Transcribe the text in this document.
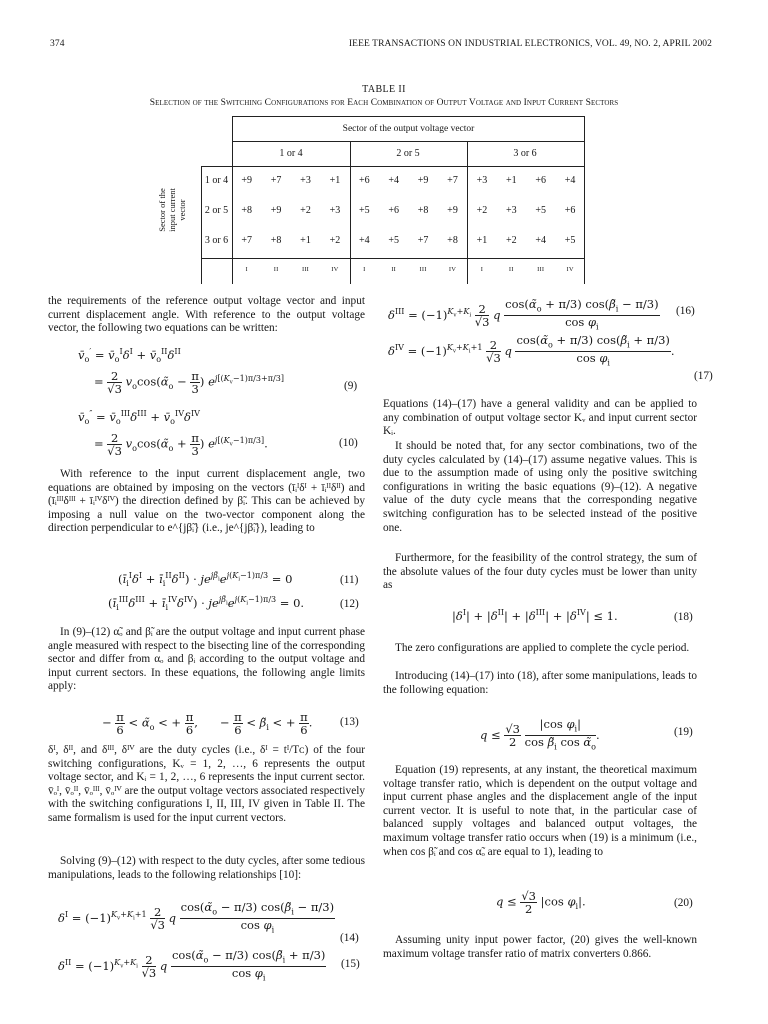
374	IEEE TRANSACTIONS ON INDUSTRIAL ELECTRONICS, VOL. 49, NO. 2, APRIL 2002
TABLE II
Selection of the Switching Configurations for Each Combination of Output Voltage and Input Current Sectors
Sector of the output voltage vector
1 or 4	2 or 5	3 or 6
Sector of the input current vector
1 or 4	+9 +7 +3 +1 +6 +4 +9 +7 +3 +1 +6 +4
2 or 5	+8 +9 +2 +3 +5 +6 +8 +9 +2 +3 +5 +6
3 or 6	+7 +8 +1 +2 +4 +5 +7 +8 +1 +2 +4 +5
I	II	III	IV	I	II	III	IV	I	II	III	IV

the requirements of the reference output voltage vector and input current displacement angle. With reference to the output voltage vector, the following two equations can be written:

$v̄_o'$ = $v̄_o^I\delta^I$ + $v̄_o^{II}\delta^{II}$
= $\frac{2}{√3}$ $v_o\cos(\alphã_o - \frac{\pi}{3}$ ) $e^{j[(K_v-1)\pi/3+\pi/3]}$
(9)
$v̄_o''$ = $v̄_o^{III}\delta^{III}$ + $v̄_o^{IV}\delta^{IV}$
= $\frac{2}{√3}$ $v_o\cos(\alphã_o + \frac{\pi}{3}$ ) $e^{j[(K_v-1)\pi/3]}$.	(10)

With reference to the input current displacement angle, two equations are obtained by imposing on the vectors (īᵢᴵδᴵ + īᵢᴵᴵδᴵᴵ) and (īᵢᴵᴵᴵδᴵᴵᴵ + īᵢᴵⱽδᴵⱽ) the direction defined by β̃ᵢ. This can be achieved by imposing a null value on the two-vector component along the direction perpendicular to e^{jβ̃ᵢ} (i.e., je^{jβ̃ᵢ}), leading to

($ī_i^I\delta^I$ + $ī_i^{II}\delta^{II}) \cdot je^{j\betã_i}e^{j(K_i-1)\pi/3} = 0$	(11)
($ī_i^{III}\delta^{III}$ + $ī_i^{IV}\delta^{IV}) \cdot je^{j\betã_i}e^{j(K_i-1)\pi/3} = 0$.	(12)

In (9)–(12) α̃ₒ and β̃ᵢ are the output voltage and input current phase angle measured with respect to the bisecting line of the corresponding sector and differ from αₒ and βᵢ according to the output voltage and input current sectors. In these equations, the following angle limits apply:

− $\frac{\pi}{6}$ < $\alphã_o$ < + $\frac{\pi}{6}$ ,      − $\frac{\pi}{6}$ < $\betã_i$ < + $\frac{\pi}{6}$ . (13)

δᴵ, δᴵᴵ, and δᴵᴵᴵ, δᴵⱽ are the duty cycles (i.e., δᴵ = tᴵ/Tᴄ) of the four switching configurations, Kᵥ = 1, 2, …, 6 represents the output voltage sector, and Kᵢ = 1, 2, …, 6 represents the input current sector. v̄ₒᴵ, v̄ₒᴵᴵ, v̄ₒᴵᴵᴵ, v̄ₒᴵⱽ are the output voltage vectors associated respectively with the switching configurations I, II, III, IV given in Table II. The same formalism is used for the input current vectors.

Solving (9)–(12) with respect to the duty cycles, after some tedious manipulations, leads to the following relationships [10]:

$\delta^I = (-1)^{K_v+K_i+1} \frac{2}{√3}$ q $\frac{\cos(\alphã_o - \pi/3) \cos(\betã_i - \pi/3)}{\cos \varphi_i}$
(14)
$\delta^{II} = (-1)^{K_v+K_i} \frac{2}{√3}$ q $\frac{\cos(\alphã_o - \pi/3) \cos(\betã_i + \pi/3)}{\cos \varphi_i} (15)$
$\delta^{III} = (-1)^{K_v+K_i} \frac{2}{√3}$ q $\frac{\cos(\alphã_o + \pi/3) \cos(\betã_i - \pi/3)}{\cos \varphi_i} (16)$
$\delta^{IV} = (-1)^{K_v+K_i+1} \frac{2}{√3}$ q $\frac{\cos(\alphã_o + \pi/3) \cos(\betã_i + \pi/3)}{\cos \varphi_i}$ .
(17)

Equations (14)–(17) have a general validity and can be applied to any combination of output voltage sector Kᵥ and input current sector Kᵢ.

It should be noted that, for any sector combinations, two of the duty cycles calculated by (14)–(17) assume negative values. This is due to the assumption made of using only the positive switching configurations in writing the basic equations (9)–(12). A negative value of the duty cycle means that the corresponding negative switching configuration has to be selected instead of the positive one.

Furthermore, for the feasibility of the control strategy, the sum of the absolute values of the four duty cycles must be lower than unity as

$|\delta^I| + |\delta^{II}| + |\delta^{III}| + |\delta^{IV}| \le 1$.	(18)

The zero configurations are applied to complete the cycle period.

Introducing (14)–(17) into (18), after some manipulations, leads to the following equation:

$q \le \frac{√3}{2}$
$\frac{|\cos \varphi_i|}{\cos \betã_i \cos \alphã_o}$ .	(19)

Equation (19) represents, at any instant, the theoretical maximum voltage transfer ratio, which is dependent on the output voltage and input current phase angles and the displacement angle of the input current vector. It is useful to note that, in the particular case of balanced supply voltages and balanced output voltages, the maximum voltage transfer ratio occurs when (19) is a minimum (i.e., when cos β̃ᵢ and cos α̃ₒ are equal to 1), leading to

$q \le \frac{√3}{2} |\cos$ $\varphi_i|$.	(20)

Assuming unity input power factor, (20) gives the well-known maximum voltage transfer ratio of matrix converters 0.866.
